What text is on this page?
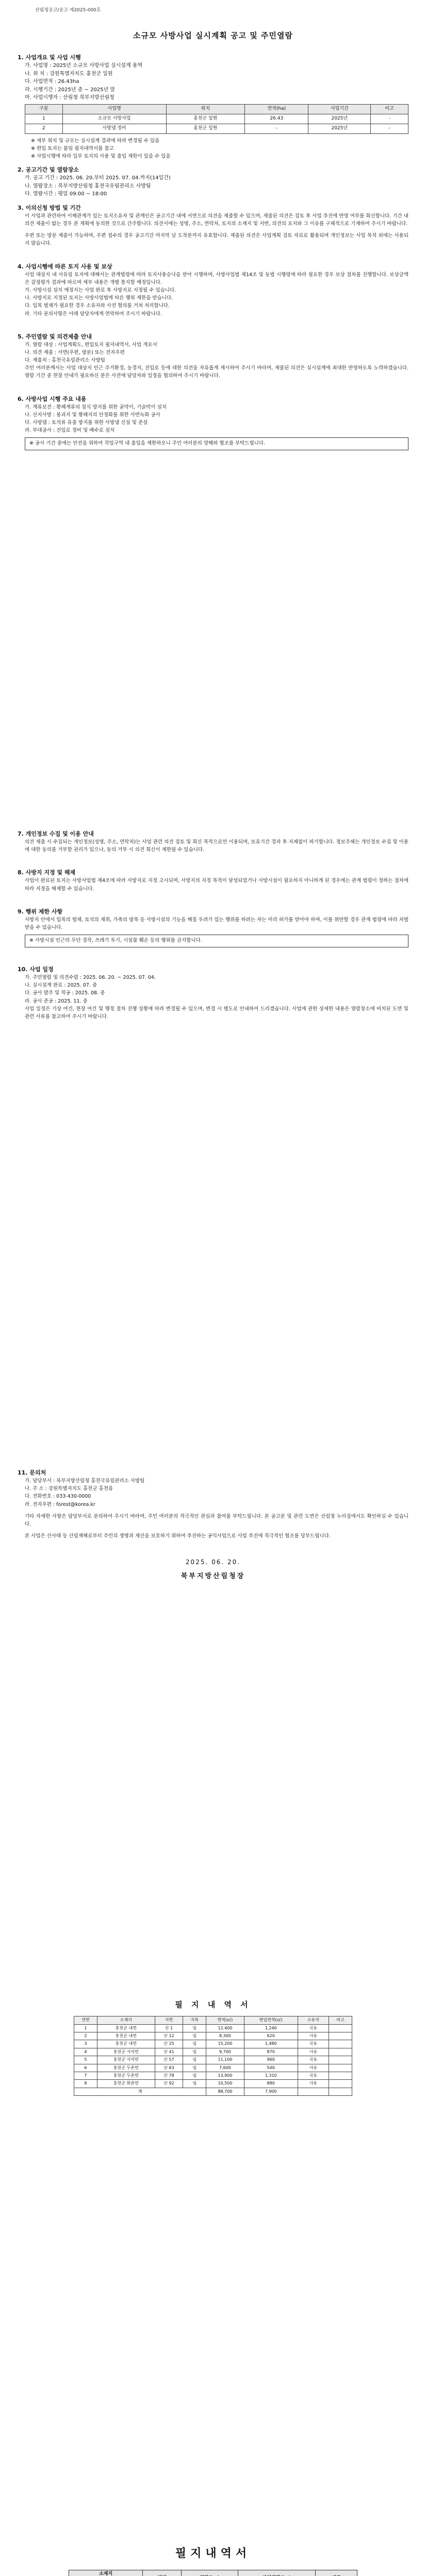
산림청공고/공고 제2025-000호
소규모 사방사업 실시계획 공고 및 주민열람
1. 사업개요 및 사업 시행
가. 사업명 : 2025년 소규모 사방사업 실시설계 용역
나. 위 치 : 강원특별자치도 홍천군 일원
다. 사업면적 : 26.43ha
라. 시행기간 : 2025년 중 ~ 2025년 말
마. 사업시행자 : 산림청 북부지방산림청
구분	사업명	위치	면적(ha)	사업기간	비고
1	소규모 사방사업	홍천군 일원	26.43	2025년	-
2	사방댐 정비	홍천군 일원	-	2025년	-
※ 세부 위치 및 규모는 실시설계 결과에 따라 변경될 수 있음
※ 편입 토지는 붙임 필지내역서를 참고
※ 사업시행에 따라 일부 토지의 사용 및 출입 제한이 있을 수 있음
2. 공고기간 및 열람장소
가. 공고 기간 : 2025. 06. 20.부터 2025. 07. 04.까지(14일간)
나. 열람장소 : 북부지방산림청 홍천국유림관리소 사방팀
다. 열람시간 : 평일 09:00 ~ 18:00
3. 이의신청 방법 및 기간
이 사업과 관련하여 이해관계가 있는 토지소유자 및 관계인은 공고기간 내에 서면으로 의견을 제출할 수 있으며, 제출된 의견은 검토 후 사업 추진에 반영 여부를 회신합니다. 기간 내 의견 제출이 없는 경우 본 계획에 동의한 것으로 간주합니다. 의견서에는 성명, 주소, 연락처, 토지의 소재지 및 지번, 의견의 요지와 그 이유를 구체적으로 기재하여 주시기 바랍니다.
우편 또는 방문 제출이 가능하며, 우편 접수의 경우 공고기간 마지막 날 도착분까지 유효합니다. 제출된 의견은 사업계획 검토 자료로 활용되며 개인정보는 사업 목적 외에는 사용되지 않습니다.
4. 사업시행에 따른 토지 사용 및 보상
사업 대상지 내 사유림 토지에 대해서는 관계법령에 따라 토지사용승낙을 받아 시행하며, 사방사업법 제14조 및 동법 시행령에 따라 필요한 경우 보상 절차를 진행합니다. 보상금액은 감정평가 결과에 따르며 세부 내용은 개별 통지할 예정입니다.
가. 사방시설 설치 예정지는 사업 완료 후 사방지로 지정될 수 있습니다.
나. 사방지로 지정된 토지는 사방사업법에 따른 행위 제한을 받습니다.
다. 입목 벌채가 필요한 경우 소유자와 사전 협의를 거쳐 처리합니다.
라. 기타 문의사항은 아래 담당자에게 연락하여 주시기 바랍니다.
5. 주민열람 및 의견제출 안내
가. 열람 대상 : 사업계획도, 편입토지 필지내역서, 사업 개요서
나. 의견 제출 : 서면(우편, 방문) 또는 전자우편
다. 제출처 : 홍천국유림관리소 사방팀
주민 여러분께서는 사업 대상지 인근 주거환경, 농경지, 진입로 등에 대한 의견을 자유롭게 제시하여 주시기 바라며, 제출된 의견은 실시설계에 최대한 반영하도록 노력하겠습니다. 열람 기간 중 현장 안내가 필요하신 분은 사전에 담당자와 일정을 협의하여 주시기 바랍니다.
6. 사방사업 시행 주요 내용
가. 계류보전 : 황폐계류의 침식 방지를 위한 골막이, 기슭막이 설치
나. 산지사방 : 붕괴지 및 황폐지의 안정화를 위한 사면녹화 공사
다. 사방댐 : 토석류 유출 방지를 위한 사방댐 신설 및 준설
라. 부대공사 : 진입로 정비 및 배수로 설치
※ 공사 기간 중에는 안전을 위하여 작업구역 내 출입을 제한하오니 주민 여러분의 양해와 협조를 부탁드립니다.
7. 개인정보 수집 및 이용 안내
의견 제출 시 수집되는 개인정보(성명, 주소, 연락처)는 사업 관련 의견 검토 및 회신 목적으로만 이용되며, 보유기간 경과 후 지체없이 파기합니다. 정보주체는 개인정보 수집 및 이용에 대한 동의를 거부할 권리가 있으나, 동의 거부 시 의견 회신이 제한될 수 있습니다.
8. 사방지 지정 및 해제
사업이 완료된 토지는 사방사업법 제4조에 따라 사방지로 지정 고시되며, 사방지의 지정 목적이 달성되었거나 사방시설이 필요하지 아니하게 된 경우에는 관계 법령이 정하는 절차에 따라 지정을 해제할 수 있습니다.
9. 행위 제한 사항
사방지 안에서 입목의 벌채, 토석의 채취, 가축의 방목 등 사방시설의 기능을 해칠 우려가 있는 행위를 하려는 자는 미리 허가를 받아야 하며, 이를 위반할 경우 관계 법령에 따라 처벌받을 수 있습니다.
※ 사방시설 인근의 무단 경작, 쓰레기 투기, 시설물 훼손 등의 행위를 금지합니다.
10. 사업 일정
가. 주민열람 및 의견수렴 : 2025. 06. 20. ~ 2025. 07. 04.
나. 실시설계 완료 : 2025. 07. 중
다. 공사 발주 및 착공 : 2025. 08. 중
라. 공사 준공 : 2025. 11. 중
사업 일정은 기상 여건, 현장 여건 및 행정 절차 진행 상황에 따라 변경될 수 있으며, 변경 시 별도로 안내하여 드리겠습니다. 사업에 관한 상세한 내용은 열람장소에 비치된 도면 및 관련 서류를 참고하여 주시기 바랍니다.
11. 문의처
가. 담당부서 : 북부지방산림청 홍천국유림관리소 사방팀
나. 주 소 : 강원특별자치도 홍천군 홍천읍
다. 전화번호 : 033-430-0000
라. 전자우편 : forest@korea.kr
기타 자세한 사항은 담당부서로 문의하여 주시기 바라며, 주민 여러분의 적극적인 관심과 참여를 부탁드립니다. 본 공고문 및 관련 도면은 산림청 누리집에서도 확인하실 수 있습니다.
본 사업은 산사태 등 산림재해로부터 주민의 생명과 재산을 보호하기 위하여 추진하는 공익사업으로 사업 추진에 적극적인 협조를 당부드립니다.
2025. 06. 20.
북부지방산림청장
필 지 내 역 서
연번	소재지	지번	지목	면적(㎡)	편입면적(㎡)	소유자	비고
1	홍천군 내면	산 1	임	12,400	1,240	국유	
2	홍천군 내면	산 12	임	8,300	620	사유	
3	홍천군 내면	산 25	임	15,200	1,480	국유	
4	홍천군 서석면	산 41	임	9,700	870	사유	
5	홍천군 서석면	산 57	임	11,100	960	국유	
6	홍천군 두촌면	산 63	임	7,600	540	사유	
7	홍천군 두촌면	산 78	임	13,900	1,310	국유	
8	홍천군 화촌면	산 92	임	10,500	880	사유	
계				88,700	7,900		
필지내역서
소재지				
